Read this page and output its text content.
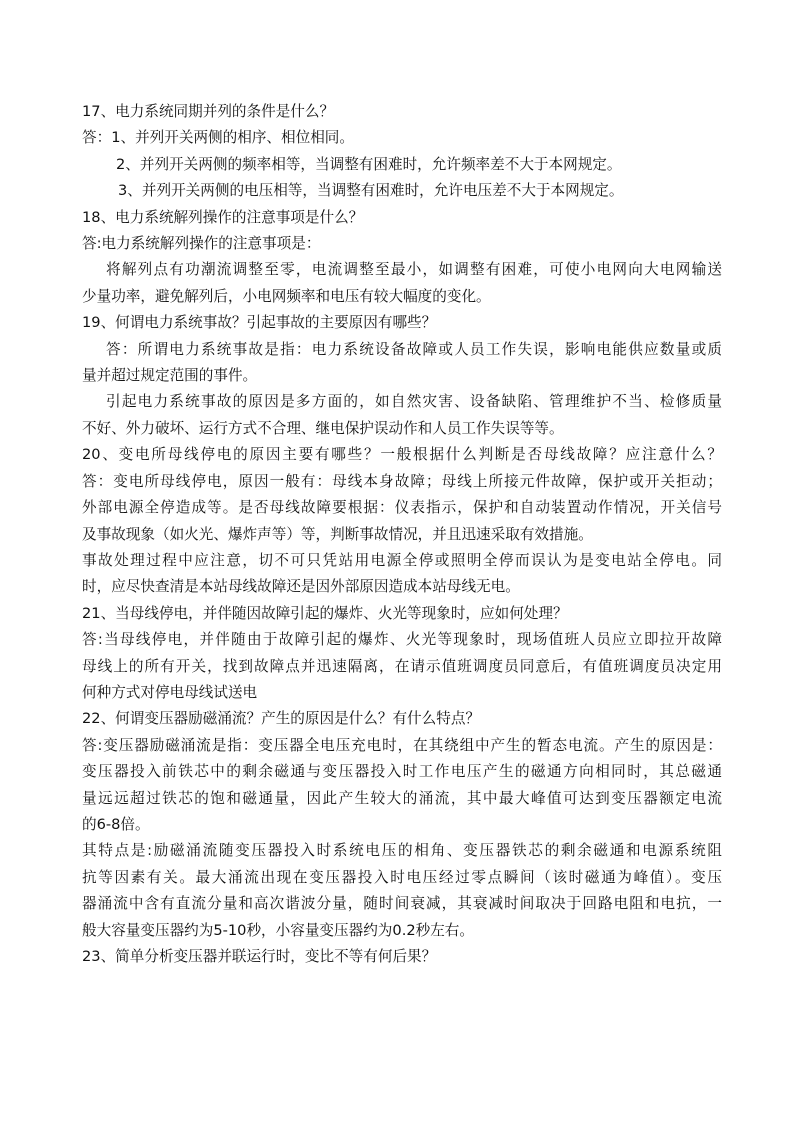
17、电力系统同期并列的条件是什么？

答：1、并列开关两侧的相序、相位相同。

2、并列开关两侧的频率相等，当调整有困难时，允许频率差不大于本网规定。

3、并列开关两侧的电压相等，当调整有困难时，允许电压差不大于本网规定。

18、电力系统解列操作的注意事项是什么？

答:电力系统解列操作的注意事项是：

将解列点有功潮流调整至零，电流调整至最小，如调整有困难，可使小电网向大电网输送

少量功率，避免解列后，小电网频率和电压有较大幅度的变化。

19、何谓电力系统事故？引起事故的主要原因有哪些？

答：所谓电力系统事故是指：电力系统设备故障或人员工作失误，影响电能供应数量或质

量并超过规定范围的事件。

引起电力系统事故的原因是多方面的，如自然灾害、设备缺陷、管理维护不当、检修质量

不好、外力破坏、运行方式不合理、继电保护误动作和人员工作失误等等。

20、变电所母线停电的原因主要有哪些？一般根据什么判断是否母线故障？应注意什么？

答：变电所母线停电，原因一般有：母线本身故障；母线上所接元件故障，保护或开关拒动；

外部电源全停造成等。是否母线故障要根据：仪表指示，保护和自动装置动作情况，开关信号

及事故现象（如火光、爆炸声等）等，判断事故情况，并且迅速采取有效措施。

事故处理过程中应注意，切不可只凭站用电源全停或照明全停而误认为是变电站全停电。同

时，应尽快查清是本站母线故障还是因外部原因造成本站母线无电。

21、当母线停电，并伴随因故障引起的爆炸、火光等现象时，应如何处理？

答:当母线停电，并伴随由于故障引起的爆炸、火光等现象时，现场值班人员应立即拉开故障

母线上的所有开关，找到故障点并迅速隔离，在请示值班调度员同意后，有值班调度员决定用

何种方式对停电母线试送电

22、何谓变压器励磁涌流？产生的原因是什么？有什么特点？

答:变压器励磁涌流是指：变压器全电压充电时，在其绕组中产生的暂态电流。产生的原因是：

变压器投入前铁芯中的剩余磁通与变压器投入时工作电压产生的磁通方向相同时，其总磁通

量远远超过铁芯的饱和磁通量，因此产生较大的涌流，其中最大峰值可达到变压器额定电流

的6-8倍。

其特点是:励磁涌流随变压器投入时系统电压的相角、变压器铁芯的剩余磁通和电源系统阻

抗等因素有关。最大涌流出现在变压器投入时电压经过零点瞬间（该时磁通为峰值）。变压

器涌流中含有直流分量和高次谐波分量，随时间衰减，其衰减时间取决于回路电阻和电抗，一

般大容量变压器约为5-10秒，小容量变压器约为0.2秒左右。

23、简单分析变压器并联运行时，变比不等有何后果？
